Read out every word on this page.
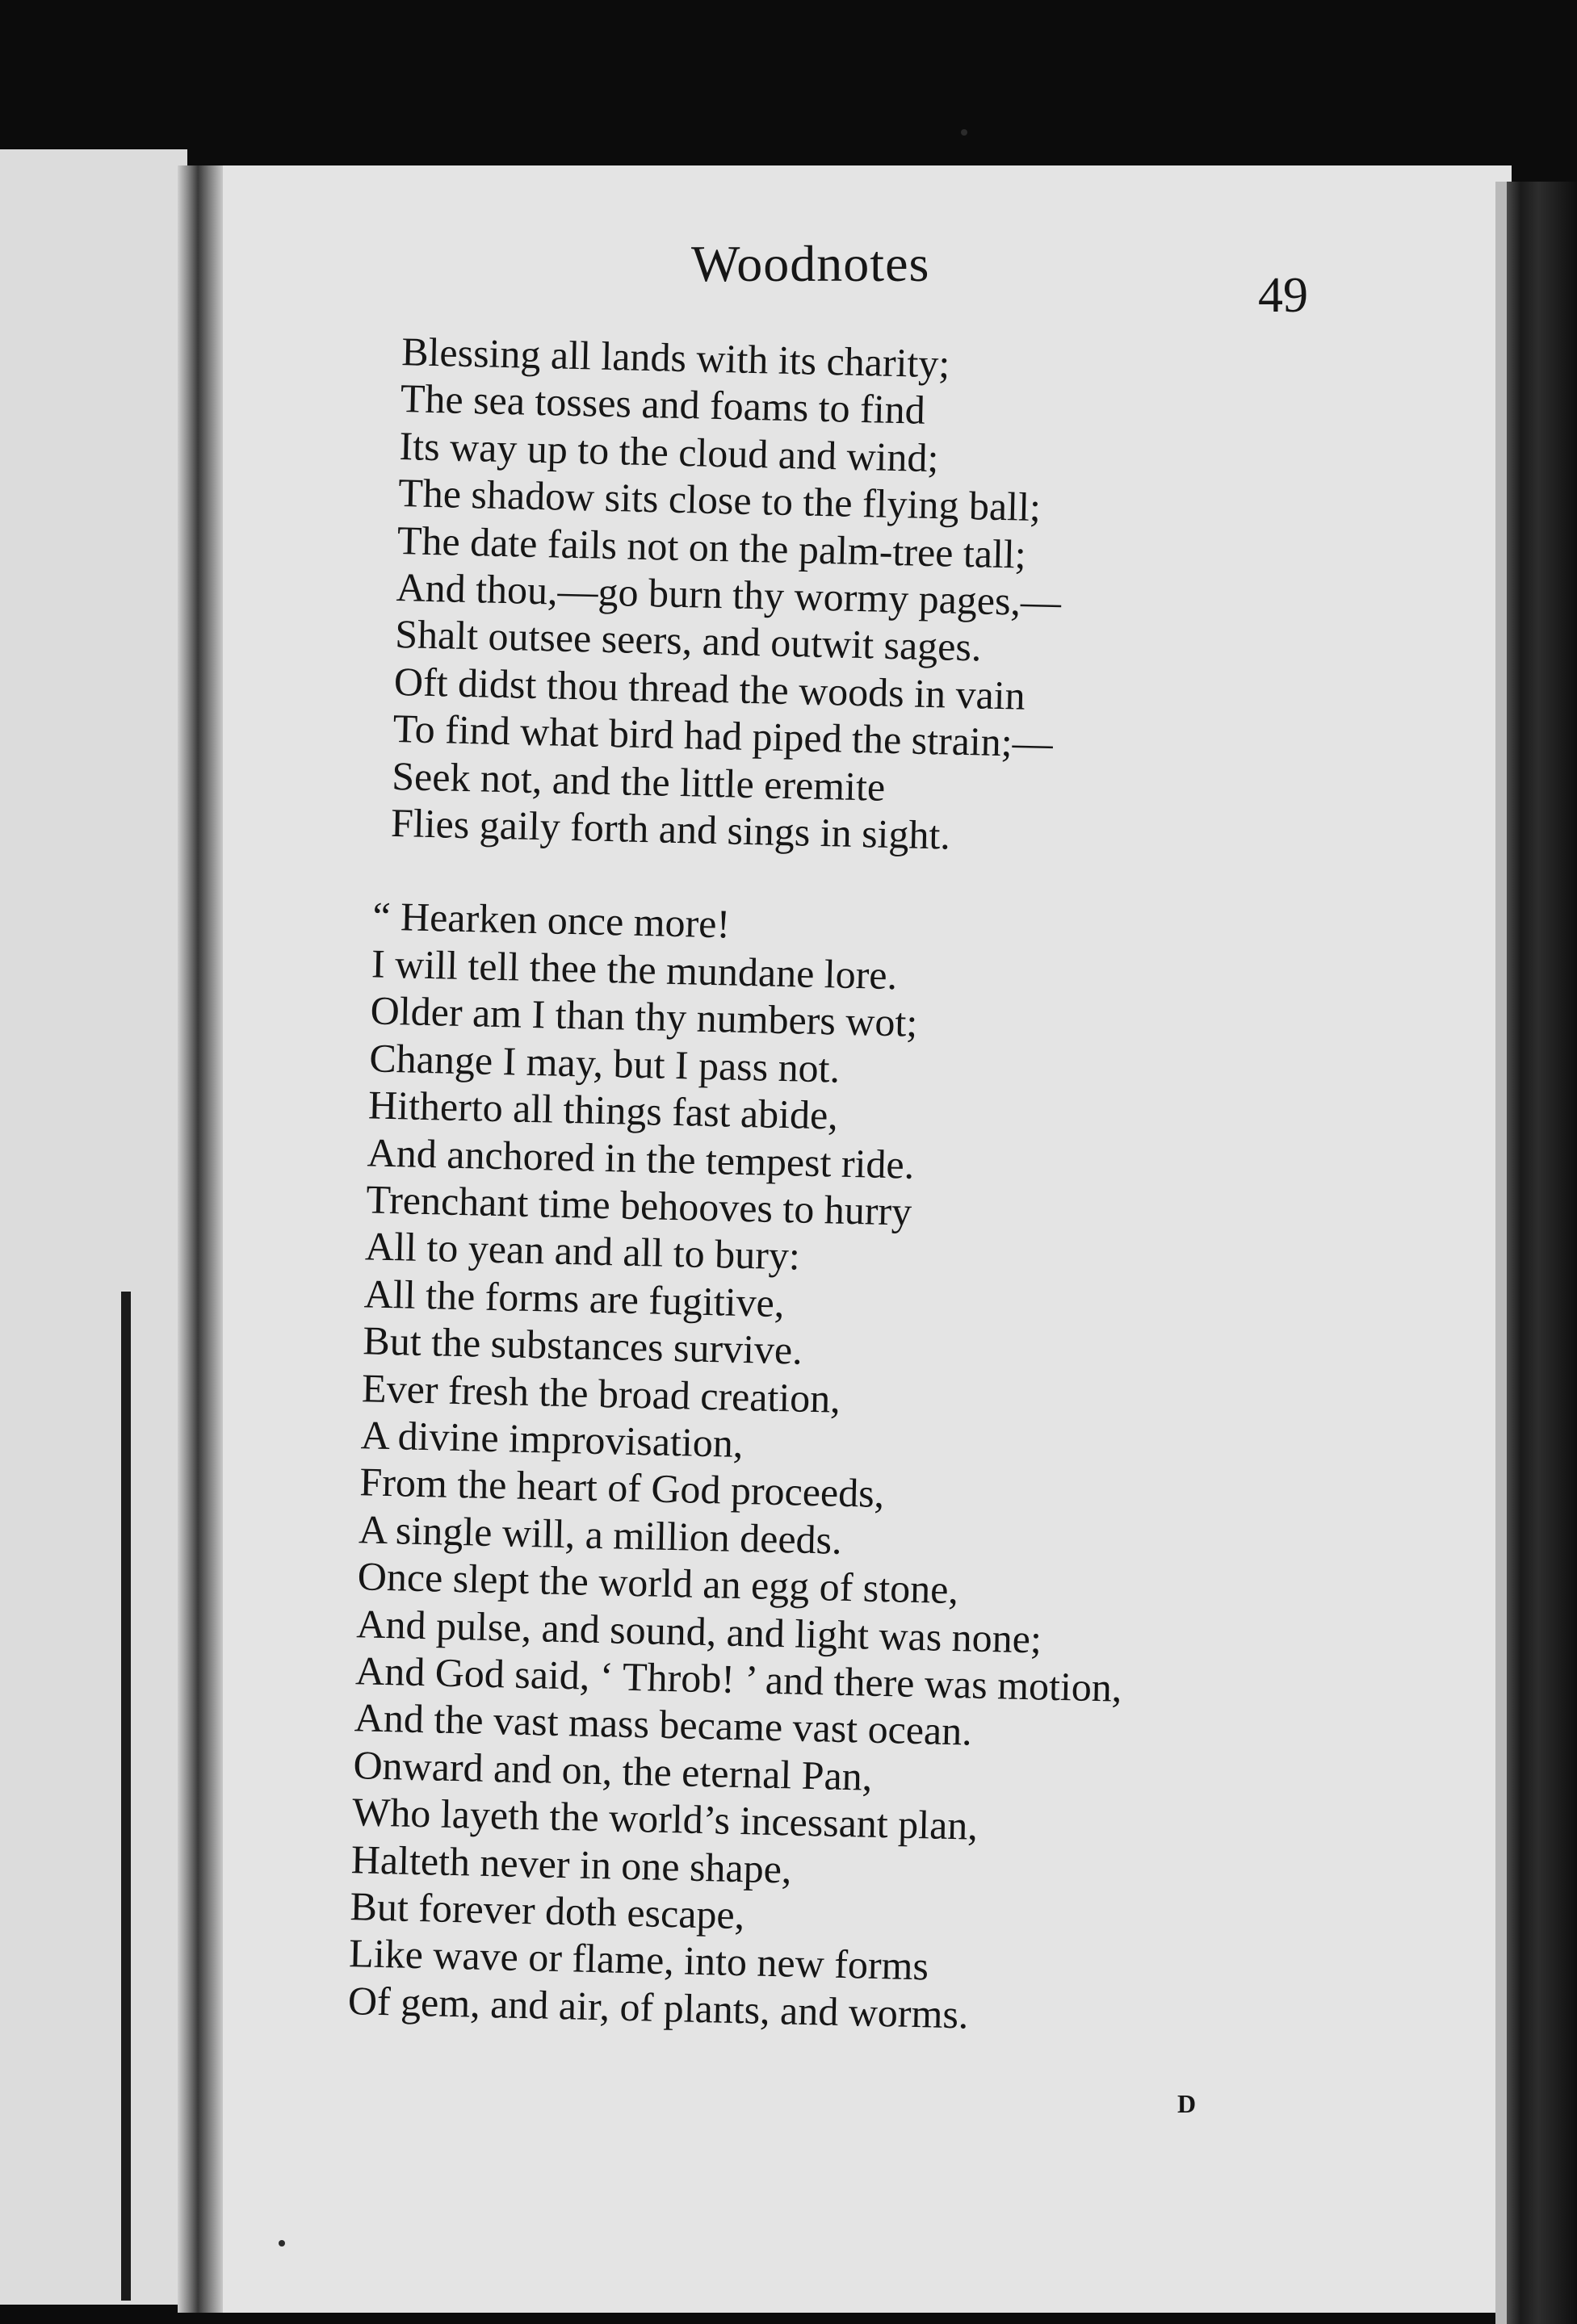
Woodnotes
49
Blessing all lands with its charity;
The sea tosses and foams to find
Its way up to the cloud and wind;
The shadow sits close to the flying ball;
The date fails not on the palm-tree tall;
And thou,—go burn thy wormy pages,—
Shalt outsee seers, and outwit sages.
Oft didst thou thread the woods in vain
To find what bird had piped the strain;—
Seek not, and the little eremite
Flies gaily forth and sings in sight.
“ Hearken once more!
I will tell thee the mundane lore.
Older am I than thy numbers wot;
Change I may, but I pass not.
Hitherto all things fast abide,
And anchored in the tempest ride.
Trenchant time behooves to hurry
All to yean and all to bury:
All the forms are fugitive,
But the substances survive.
Ever fresh the broad creation,
A divine improvisation,
From the heart of God proceeds,
A single will, a million deeds.
Once slept the world an egg of stone,
And pulse, and sound, and light was none;
And God said, ‘ Throb! ’ and there was motion,
And the vast mass became vast ocean.
Onward and on, the eternal Pan,
Who layeth the world’s incessant plan,
Halteth never in one shape,
But forever doth escape,
Like wave or flame, into new forms
Of gem, and air, of plants, and worms.
D
